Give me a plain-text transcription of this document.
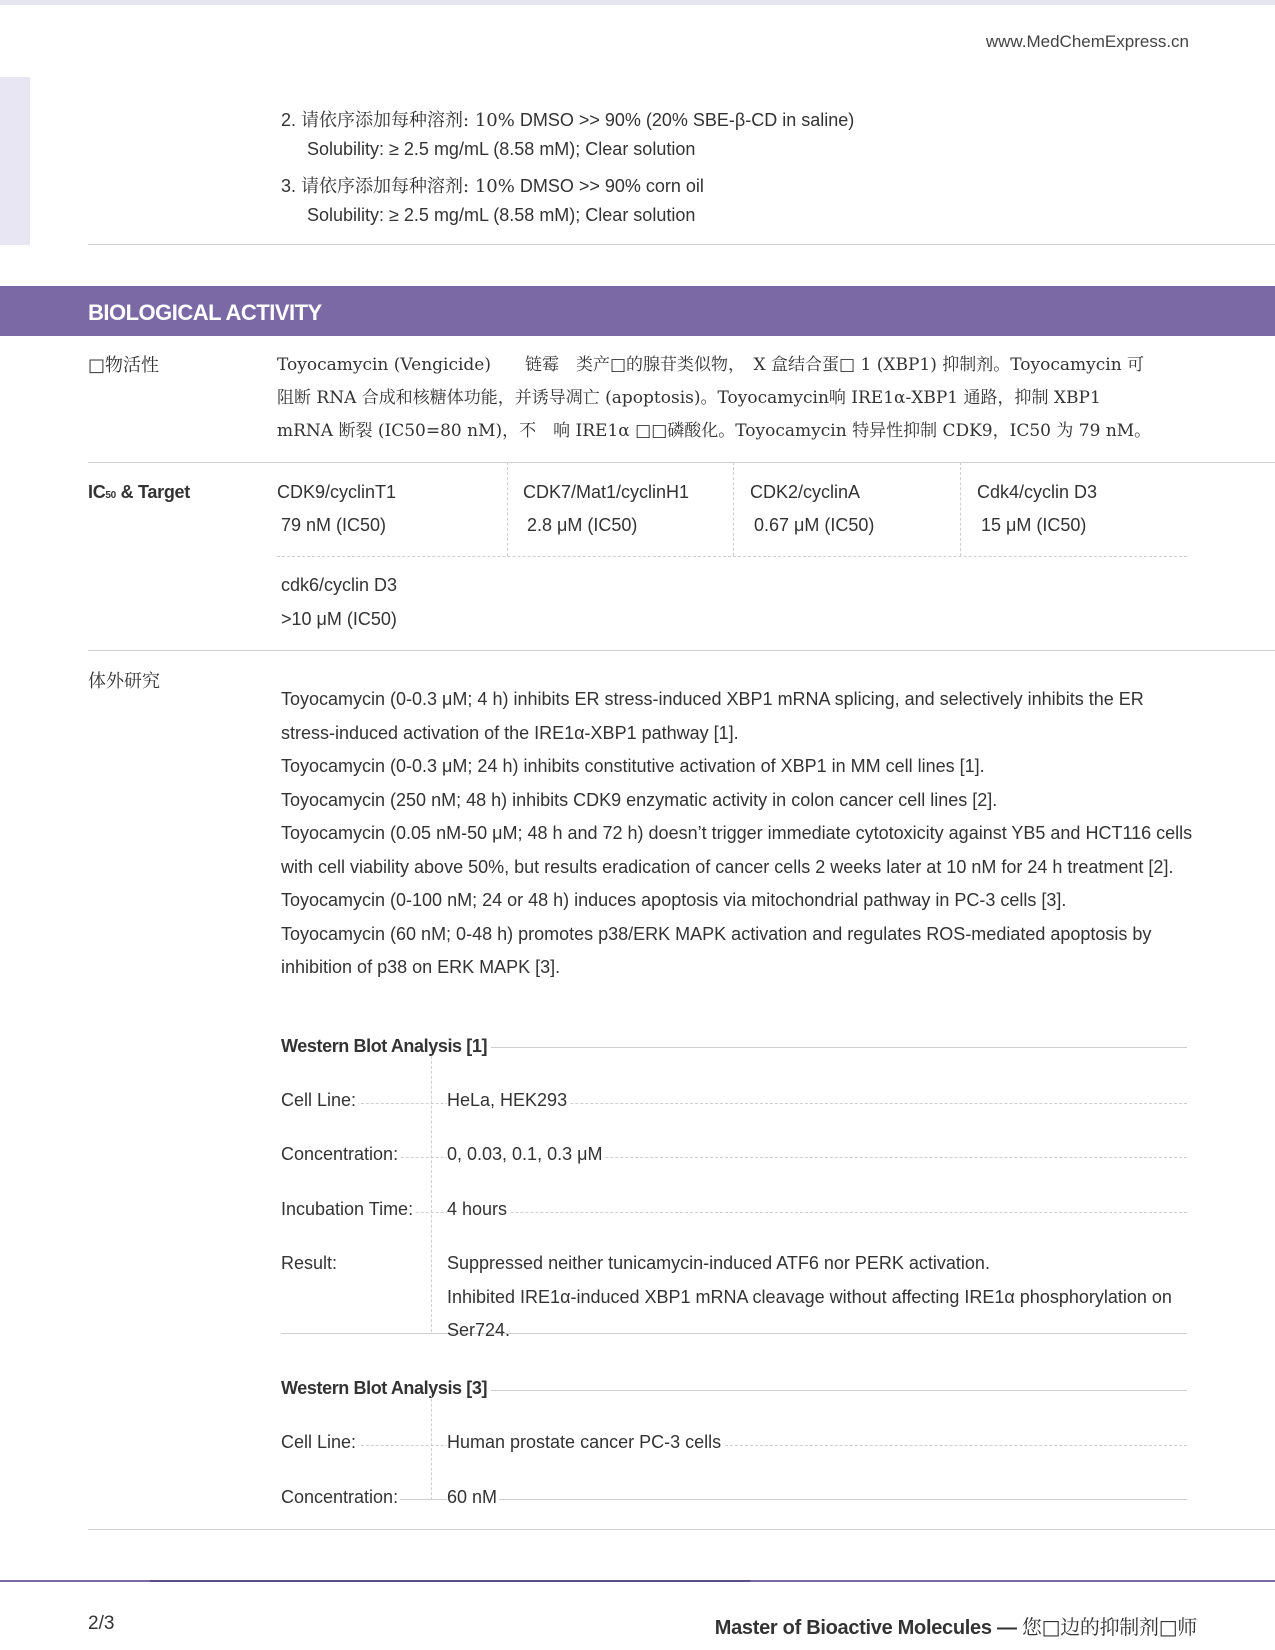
www.MedChemExpress.cn
2. 请依序添加每种溶剂: 10% DMSO >> 90% (20% SBE-β-CD in saline)
Solubility: ≥ 2.5 mg/mL (8.58 mM); Clear solution
3. 请依序添加每种溶剂: 10% DMSO >> 90% corn oil
Solubility: ≥ 2.5 mg/mL (8.58 mM); Clear solution
BIOLOGICAL ACTIVITY
□物活性	Toyocamycin (Vengicide)　　链霉　类产□的腺苷类似物，　X 盒结合蛋□ 1 (XBP1) 抑制剂。Toyocamycin 可
阻断 RNA 合成和核糖体功能，并诱导凋亡 (apoptosis)。Toyocamycin响 IRE1α-XBP1 通路，抑制 XBP1
mRNA 断裂 (IC50=80 nM)，不　响 IRE1α □□磷酸化。Toyocamycin 特异性抑制 CDK9，IC50 为 79 nM。
IC50 & Target	CDK9/cyclinT1
79 nM (IC50)
CDK7/Mat1/cyclinH1
2.8 μM (IC50)
CDK2/cyclinA
0.67 μM (IC50)
Cdk4/cyclin D3
15 μM (IC50)
cdk6/cyclin D3
>10 μM (IC50)
体外研究
Toyocamycin (0-0.3 μM; 4 h) inhibits ER stress-induced XBP1 mRNA splicing, and selectively inhibits the ER stress-induced activation of the IRE1α-XBP1 pathway [1].
Toyocamycin (0-0.3 μM; 24 h) inhibits constitutive activation of XBP1 in MM cell lines [1].
Toyocamycin (250 nM; 48 h) inhibits CDK9 enzymatic activity in colon cancer cell lines [2].
Toyocamycin (0.05 nM-50 μM; 48 h and 72 h) doesn’t trigger immediate cytotoxicity against YB5 and HCT116 cells with cell viability above 50%, but results eradication of cancer cells 2 weeks later at 10 nM for 24 h treatment [2].
Toyocamycin (0-100 nM; 24 or 48 h) induces apoptosis via mitochondrial pathway in PC-3 cells [3].
Toyocamycin (60 nM; 0-48 h) promotes p38/ERK MAPK activation and regulates ROS-mediated apoptosis by inhibition of p38 on ERK MAPK [3].
Western Blot Analysis [1]
Cell Line:	HeLa, HEK293
Concentration:	0, 0.03, 0.1, 0.3 μM
Incubation Time: 4 hours
Result:	Suppressed neither tunicamycin-induced ATF6 nor PERK activation.
Inhibited IRE1α-induced XBP1 mRNA cleavage without affecting IRE1α phosphorylation on Ser724.
Western Blot Analysis [3]
Cell Line:	Human prostate cancer PC-3 cells
Concentration:	60 nM
2/3	Master of Bioactive Molecules — 您□边的抑制剂□师
